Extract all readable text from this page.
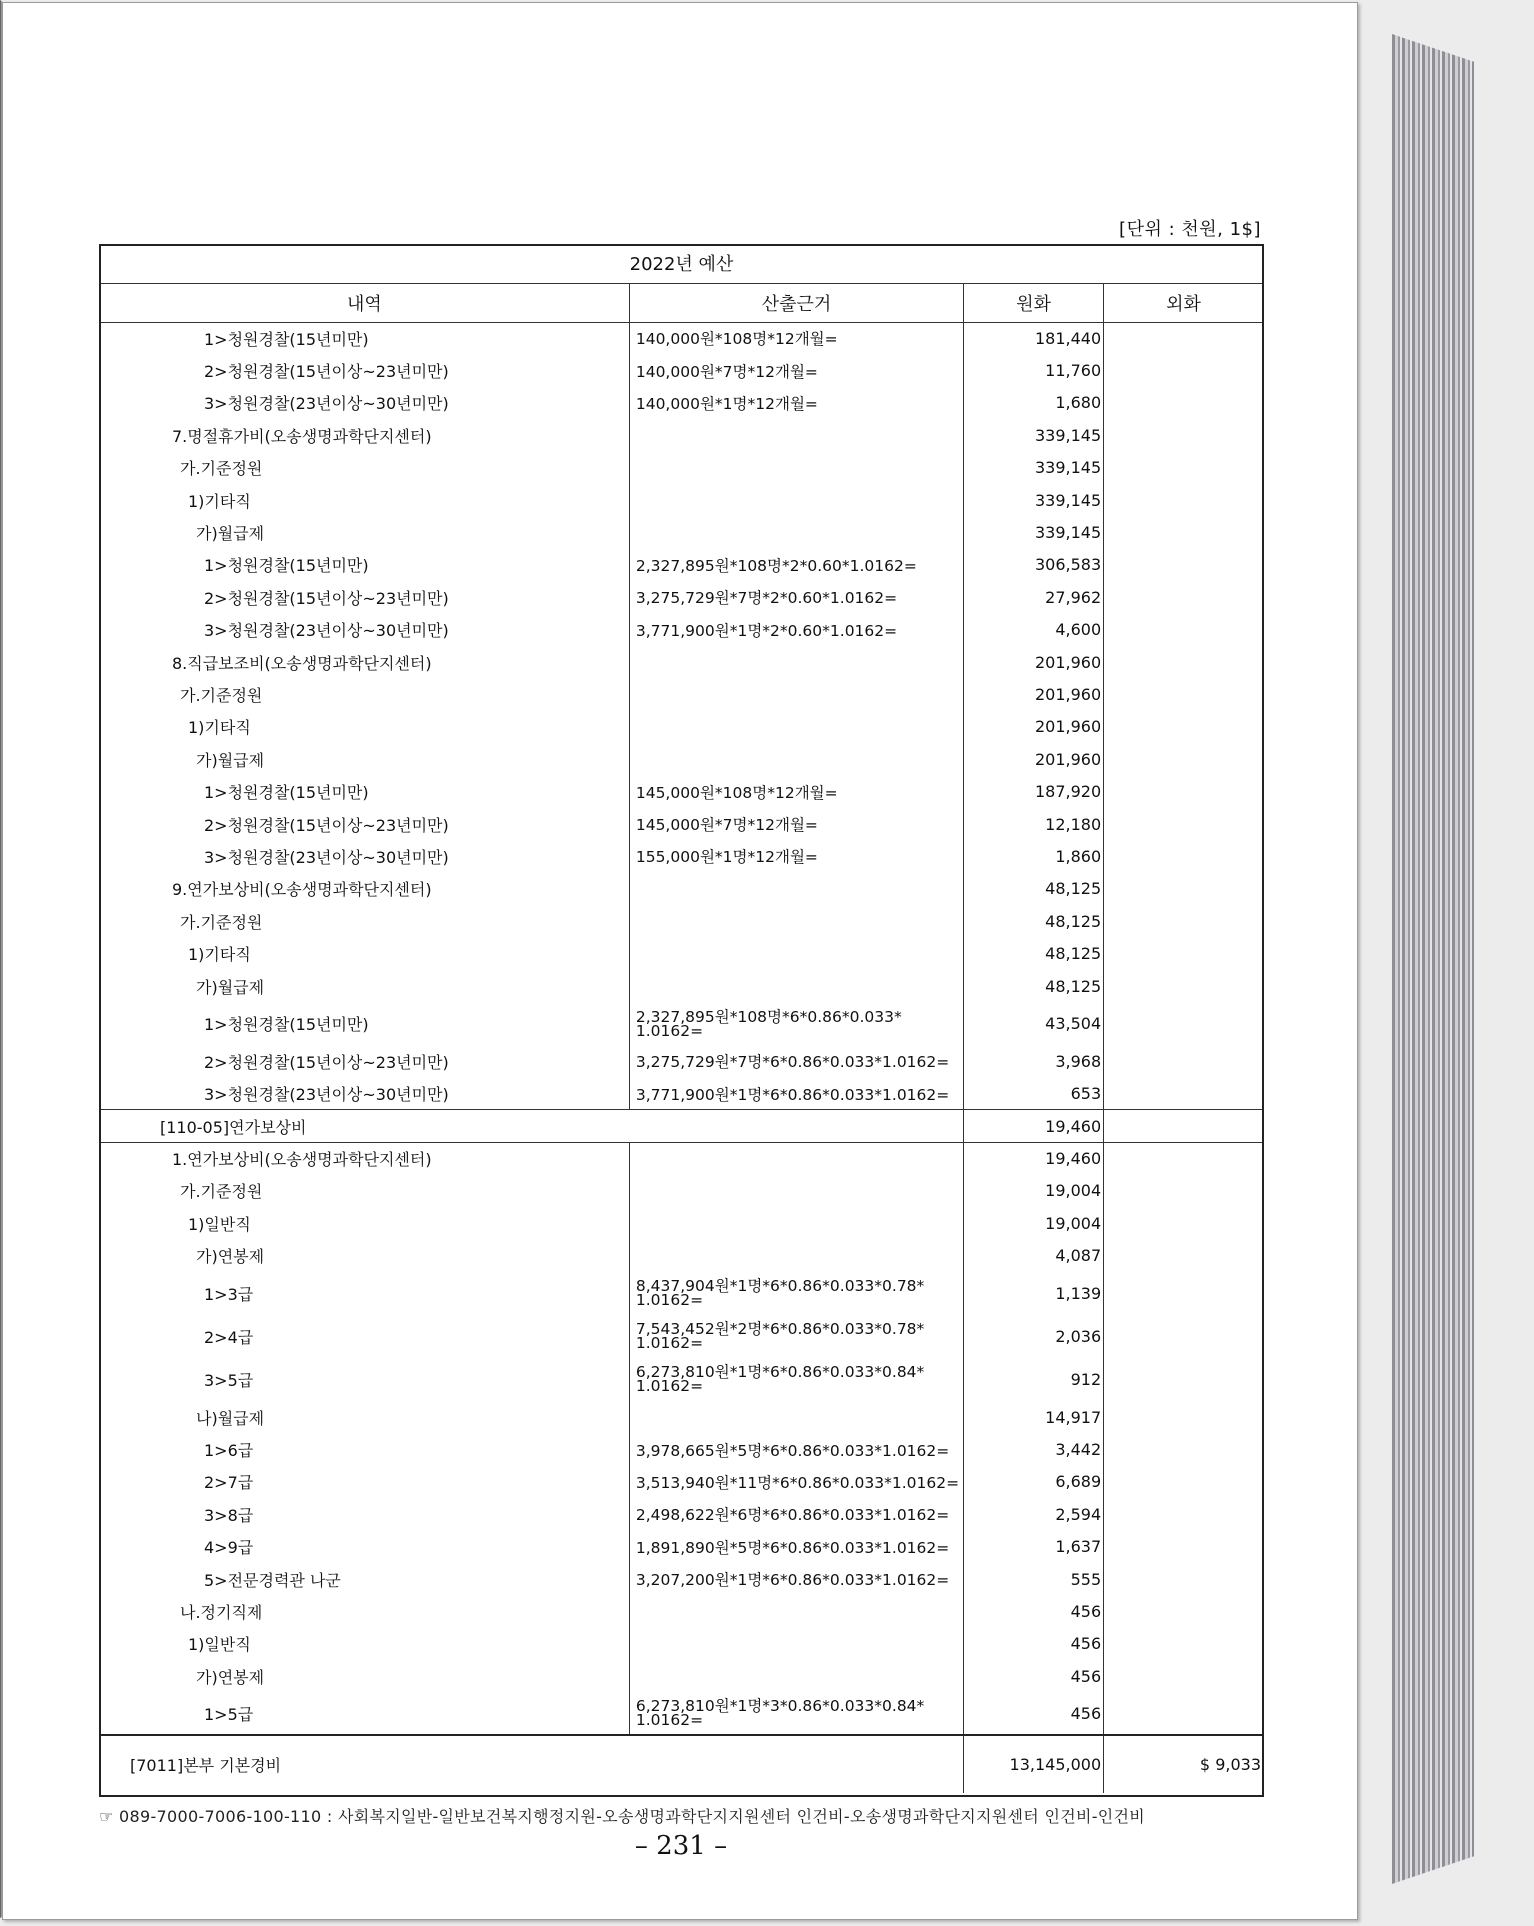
[단위 : 천원, 1$]
2022년 예산			
내역	산출근거	원화	외화
1>청원경찰(15년미만)	140,000원*108명*12개월=	181,440	
2>청원경찰(15년이상~23년미만)	140,000원*7명*12개월=	11,760	
3>청원경찰(23년이상~30년미만)	140,000원*1명*12개월=	1,680	
7.명절휴가비(오송생명과학단지센터)		339,145	
가.기준정원		339,145	
1)기타직		339,145	
가)월급제		339,145	
1>청원경찰(15년미만)	2,327,895원*108명*2*0.60*1.0162=	306,583	
2>청원경찰(15년이상~23년미만)	3,275,729원*7명*2*0.60*1.0162=	27,962	
3>청원경찰(23년이상~30년미만)	3,771,900원*1명*2*0.60*1.0162=	4,600	
8.직급보조비(오송생명과학단지센터)		201,960	
가.기준정원		201,960	
1)기타직		201,960	
가)월급제		201,960	
1>청원경찰(15년미만)	145,000원*108명*12개월=	187,920	
2>청원경찰(15년이상~23년미만)	145,000원*7명*12개월=	12,180	
3>청원경찰(23년이상~30년미만)	155,000원*1명*12개월=	1,860	
9.연가보상비(오송생명과학단지센터)		48,125	
가.기준정원		48,125	
1)기타직		48,125	
가)월급제		48,125	
1>청원경찰(15년미만)	2,327,895원*108명*6*0.86*0.033*
1.0162=	43,504	
2>청원경찰(15년이상~23년미만)	3,275,729원*7명*6*0.86*0.033*1.0162=	3,968	
3>청원경찰(23년이상~30년미만)	3,771,900원*1명*6*0.86*0.033*1.0162=	653	
[110-05]연가보상비		19,460	
1.연가보상비(오송생명과학단지센터)		19,460	
가.기준정원		19,004	
1)일반직		19,004	
가)연봉제		4,087	
1>3급	8,437,904원*1명*6*0.86*0.033*0.78*
1.0162=	1,139	
2>4급	7,543,452원*2명*6*0.86*0.033*0.78*
1.0162=	2,036	
3>5급	6,273,810원*1명*6*0.86*0.033*0.84*
1.0162=	912	
나)월급제		14,917	
1>6급	3,978,665원*5명*6*0.86*0.033*1.0162=	3,442	
2>7급	3,513,940원*11명*6*0.86*0.033*1.0162=	6,689	
3>8급	2,498,622원*6명*6*0.86*0.033*1.0162=	2,594	
4>9급	1,891,890원*5명*6*0.86*0.033*1.0162=	1,637	
5>전문경력관 나군	3,207,200원*1명*6*0.86*0.033*1.0162=	555	
나.정기직제		456	
1)일반직		456	
가)연봉제		456	
1>5급	6,273,810원*1명*3*0.86*0.033*0.84*
1.0162=	456	
[7011]본부 기본경비		13,145,000	$ 9,033
☞ 089-7000-7006-100-110 : 사회복지일반-일반보건복지행정지원-오송생명과학단지지원센터 인건비-오송생명과학단지지원센터 인건비-인건비
– 231 –
